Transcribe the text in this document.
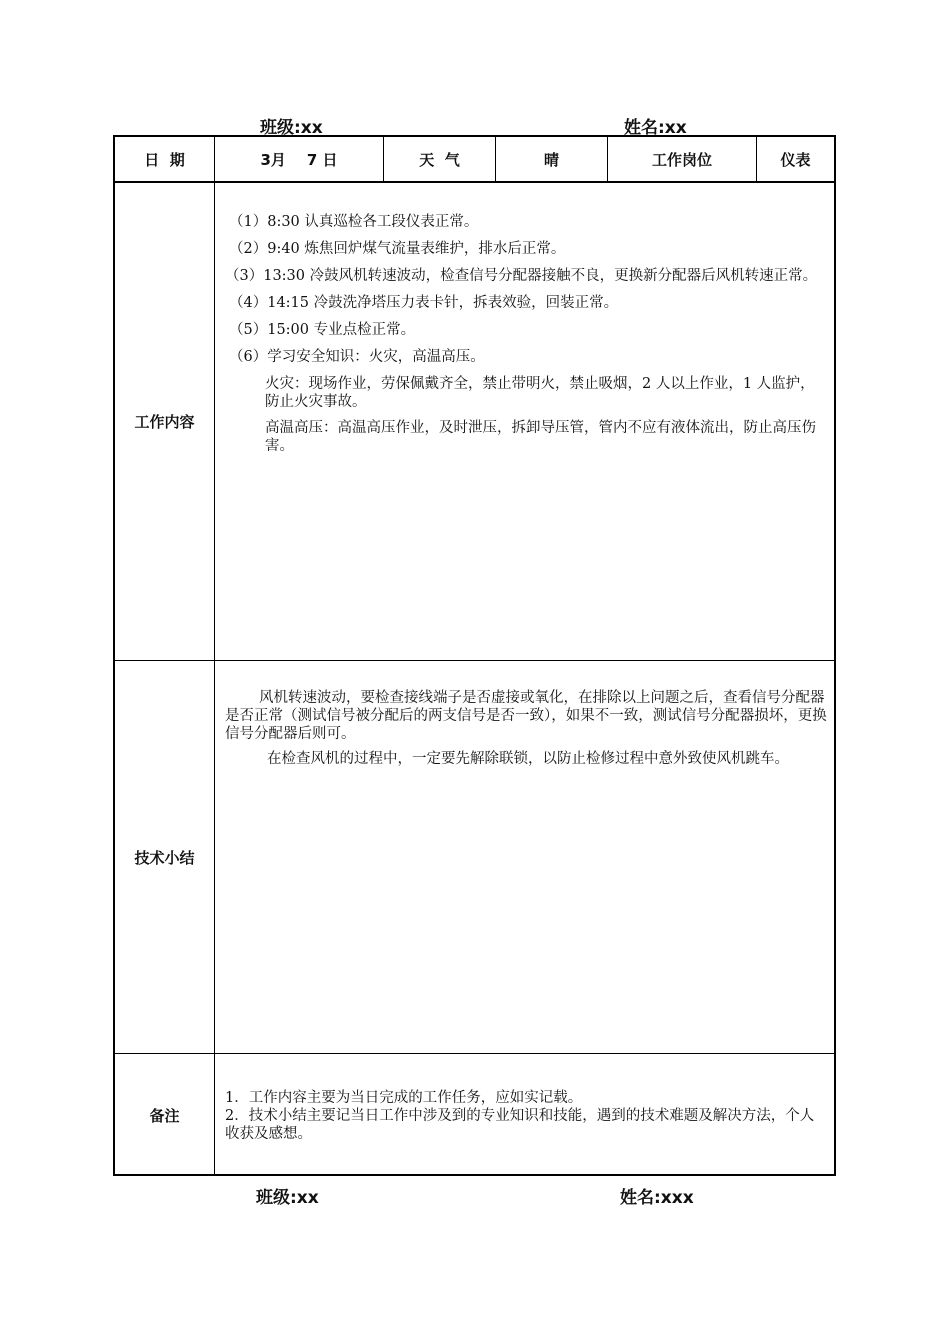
班级:xx	姓名:xx
日  期	3月    7 日	天  气	晴	工作岗位	仪表
工作内容

（1）8:30 认真巡检各工段仪表正常。

（2）9:40 炼焦回炉煤气流量表维护，排水后正常。

（3）13:30 冷鼓风机转速波动，检查信号分配器接触不良，更换新分配器后风机转速正常。

（4）14:15 冷鼓洗净塔压力表卡针，拆表效验，回装正常。

（5）15:00 专业点检正常。

（6）学习安全知识：火灾，高温高压。

火灾：现场作业，劳保佩戴齐全，禁止带明火，禁止吸烟，2 人以上作业，1 人监护，防止火灾事故。

高温高压：高温高压作业，及时泄压，拆卸导压管，管内不应有液体流出，防止高压伤害。

技术小结

风机转速波动，要检查接线端子是否虚接或氧化，在排除以上问题之后，查看信号分配器是否正常（测试信号被分配后的两支信号是否一致），如果不一致，测试信号分配器损坏，更换信号分配器后则可。

在检查风机的过程中，一定要先解除联锁，以防止检修过程中意外致使风机跳车。

备注

1．工作内容主要为当日完成的工作任务，应如实记载。

2．技术小结主要记当日工作中涉及到的专业知识和技能，遇到的技术难题及解决方法，个人收获及感想。

班级:xx	姓名:xxx
